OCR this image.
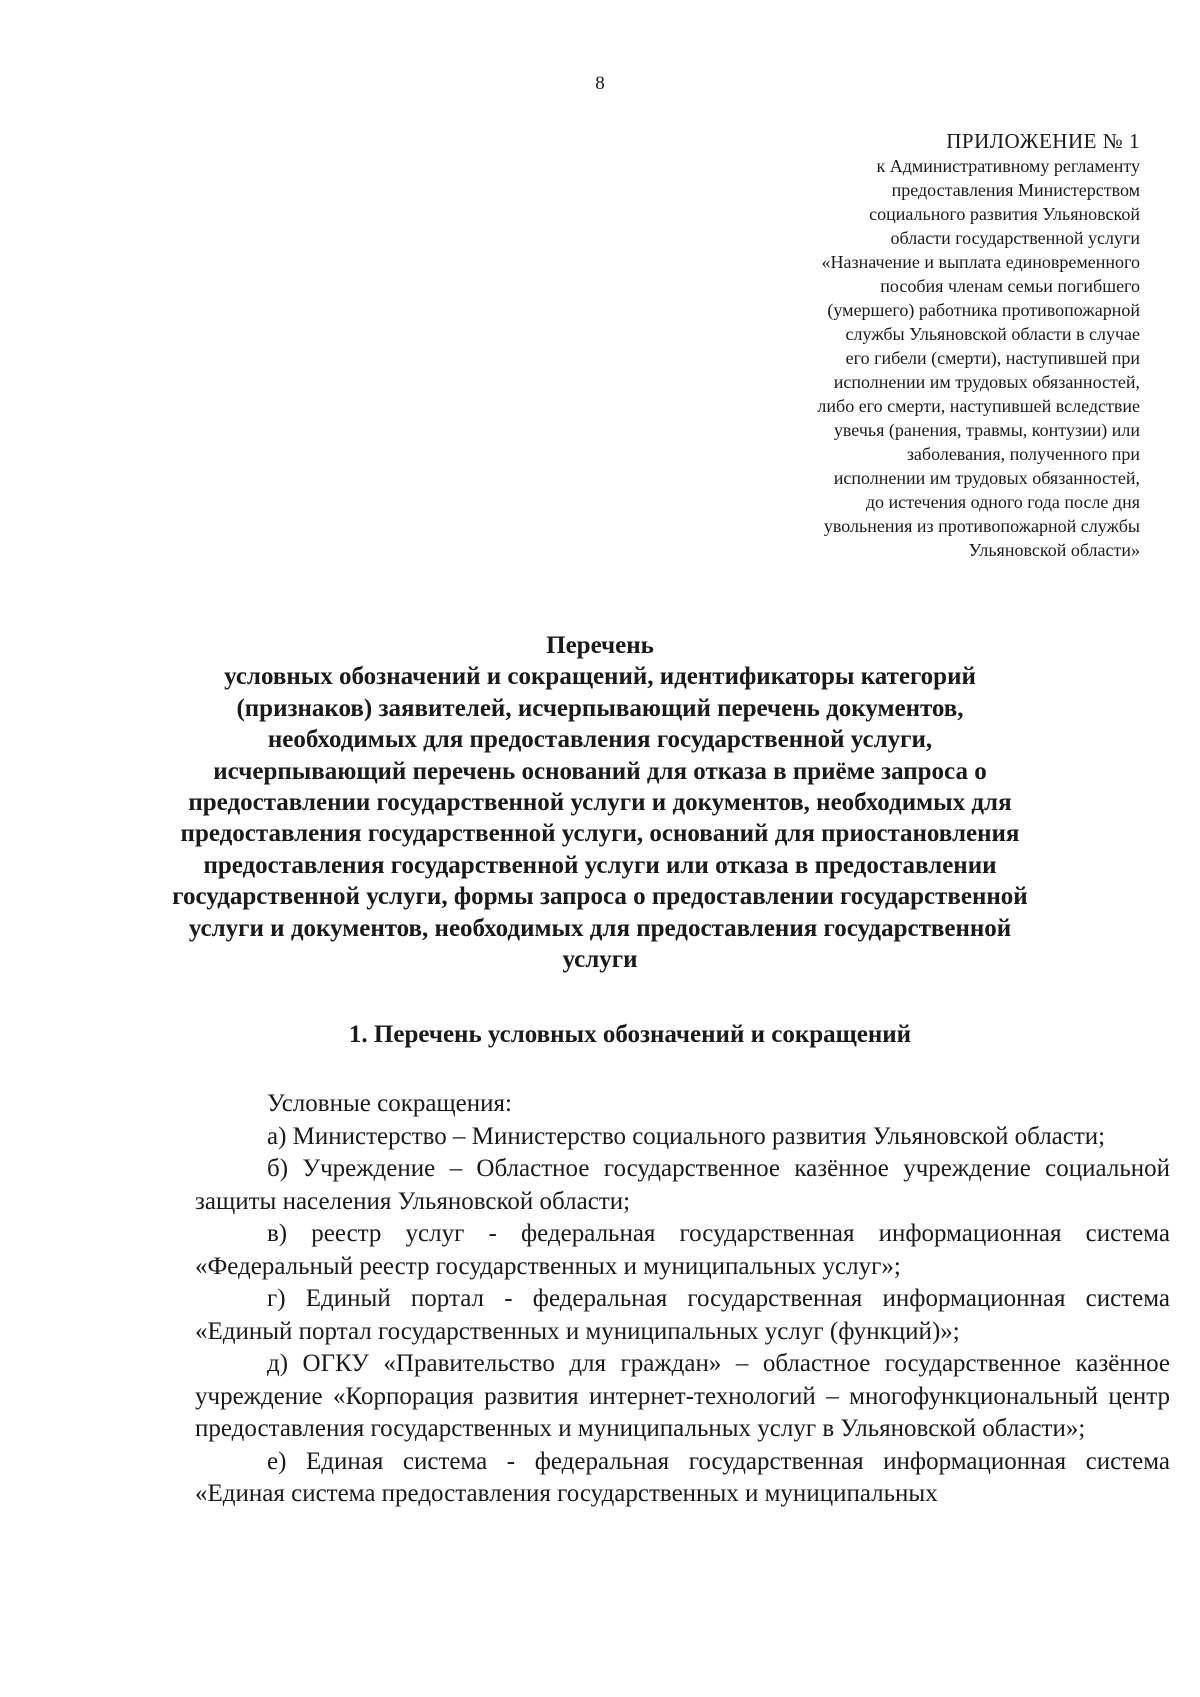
8
ПРИЛОЖЕНИЕ № 1
к Административному регламенту
предоставления Министерством
социального развития Ульяновской
области государственной услуги
«Назначение и выплата единовременного
пособия членам семьи погибшего
(умершего) работника противопожарной
службы Ульяновской области в случае
его гибели (смерти), наступившей при
исполнении им трудовых обязанностей,
либо его смерти, наступившей вследствие
увечья (ранения, травмы, контузии) или
заболевания, полученного при
исполнении им трудовых обязанностей,
до истечения одного года после дня
увольнения из противопожарной службы
Ульяновской области»
Перечень
условных обозначений и сокращений, идентификаторы категорий
(признаков) заявителей, исчерпывающий перечень документов,
необходимых для предоставления государственной услуги,
исчерпывающий перечень оснований для отказа в приёме запроса о
предоставлении государственной услуги и документов, необходимых для
предоставления государственной услуги, оснований для приостановления
предоставления государственной услуги или отказа в предоставлении
государственной услуги, формы запроса о предоставлении государственной
услуги и документов, необходимых для предоставления государственной
услуги
1. Перечень условных обозначений и сокращений

Условные сокращения:

а) Министерство – Министерство социального развития Ульяновской области;

б) Учреждение – Областное государственное казённое учреждение социальной защиты населения Ульяновской области;

в) реестр услуг - федеральная государственная информационная система «Федеральный реестр государственных и муниципальных услуг»;

г) Единый портал - федеральная государственная информационная система «Единый портал государственных и муниципальных услуг (функций)»;

д) ОГКУ «Правительство для граждан» – областное государственное казённое учреждение «Корпорация развития интернет-технологий – многофункциональный центр предоставления государственных и муниципальных услуг в Ульяновской области»;

е) Единая система - федеральная государственная информационная система «Единая система предоставления государственных и муниципальных
